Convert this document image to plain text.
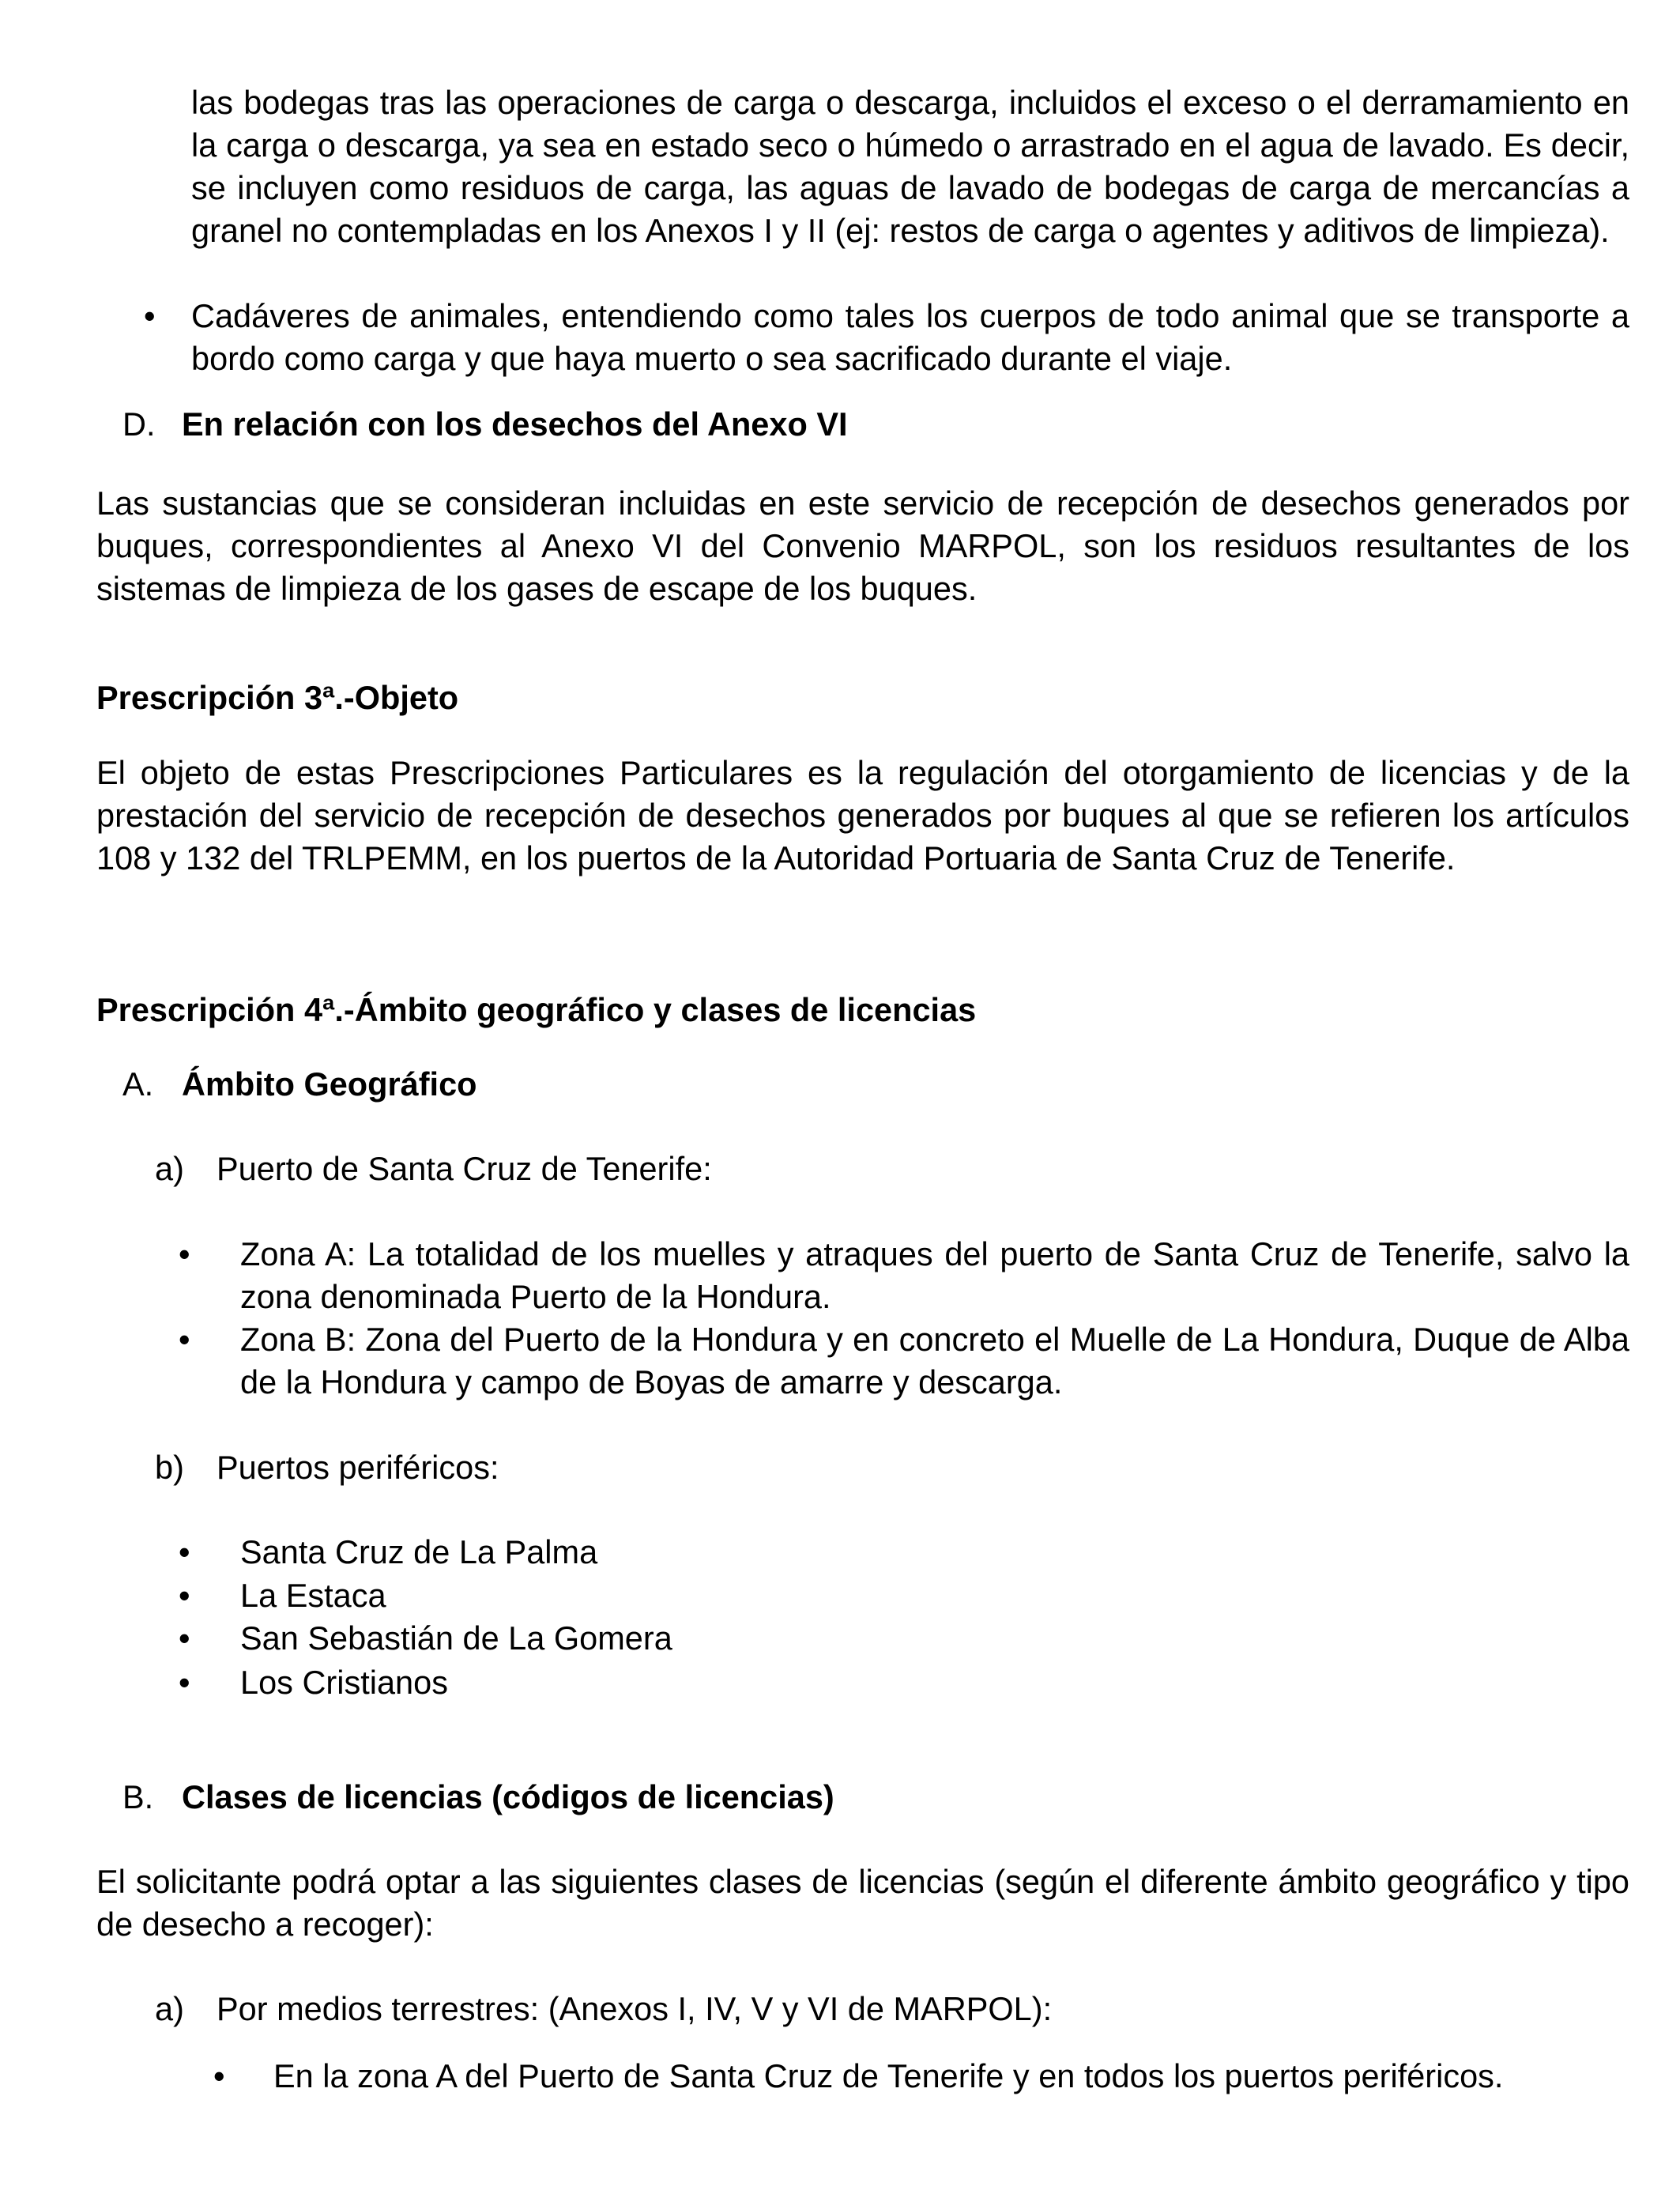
las bodegas tras las operaciones de carga o descarga, incluidos el exceso o el derramamiento en la carga o descarga, ya sea en estado seco o húmedo o arrastrado en el agua de lavado. Es decir, se incluyen como residuos de carga, las aguas de lavado de bodegas de carga de mercancías a granel no contempladas en los Anexos I y II (ej: restos de carga o agentes y aditivos de limpieza).

• Cadáveres de animales, entendiendo como tales los cuerpos de todo animal que se transporte a bordo como carga y que haya muerto o sea sacrificado durante el viaje.

D. En relación con los desechos del Anexo VI

Las sustancias que se consideran incluidas en este servicio de recepción de desechos generados por buques, correspondientes al Anexo VI del Convenio MARPOL, son los residuos resultantes de los sistemas de limpieza de los gases de escape de los buques.

Prescripción 3ª.-Objeto

El objeto de estas Prescripciones Particulares es la regulación del otorgamiento de licencias y de la prestación del servicio de recepción de desechos generados por buques al que se refieren los artículos 108 y 132 del TRLPEMM, en los puertos de la Autoridad Portuaria de Santa Cruz de Tenerife.

Prescripción 4ª.-Ámbito geográfico y clases de licencias

A. Ámbito Geográfico
a) Puerto de Santa Cruz de Tenerife:
• Zona A: La totalidad de los muelles y atraques del puerto de Santa Cruz de Tenerife, salvo la zona denominada Puerto de la Hondura.

• Zona B: Zona del Puerto de la Hondura y en concreto el Muelle de La Hondura, Duque de Alba de la Hondura y campo de Boyas de amarre y descarga.

b) Puertos periféricos:
• Santa Cruz de La Palma
• La Estaca
• San Sebastián de La Gomera
• Los Cristianos
B. Clases de licencias (códigos de licencias)

El solicitante podrá optar a las siguientes clases de licencias (según el diferente ámbito geográfico y tipo de desecho a recoger):

a) Por medios terrestres: (Anexos I, IV, V y VI de MARPOL):
• En la zona A del Puerto de Santa Cruz de Tenerife y en todos los puertos periféricos.
